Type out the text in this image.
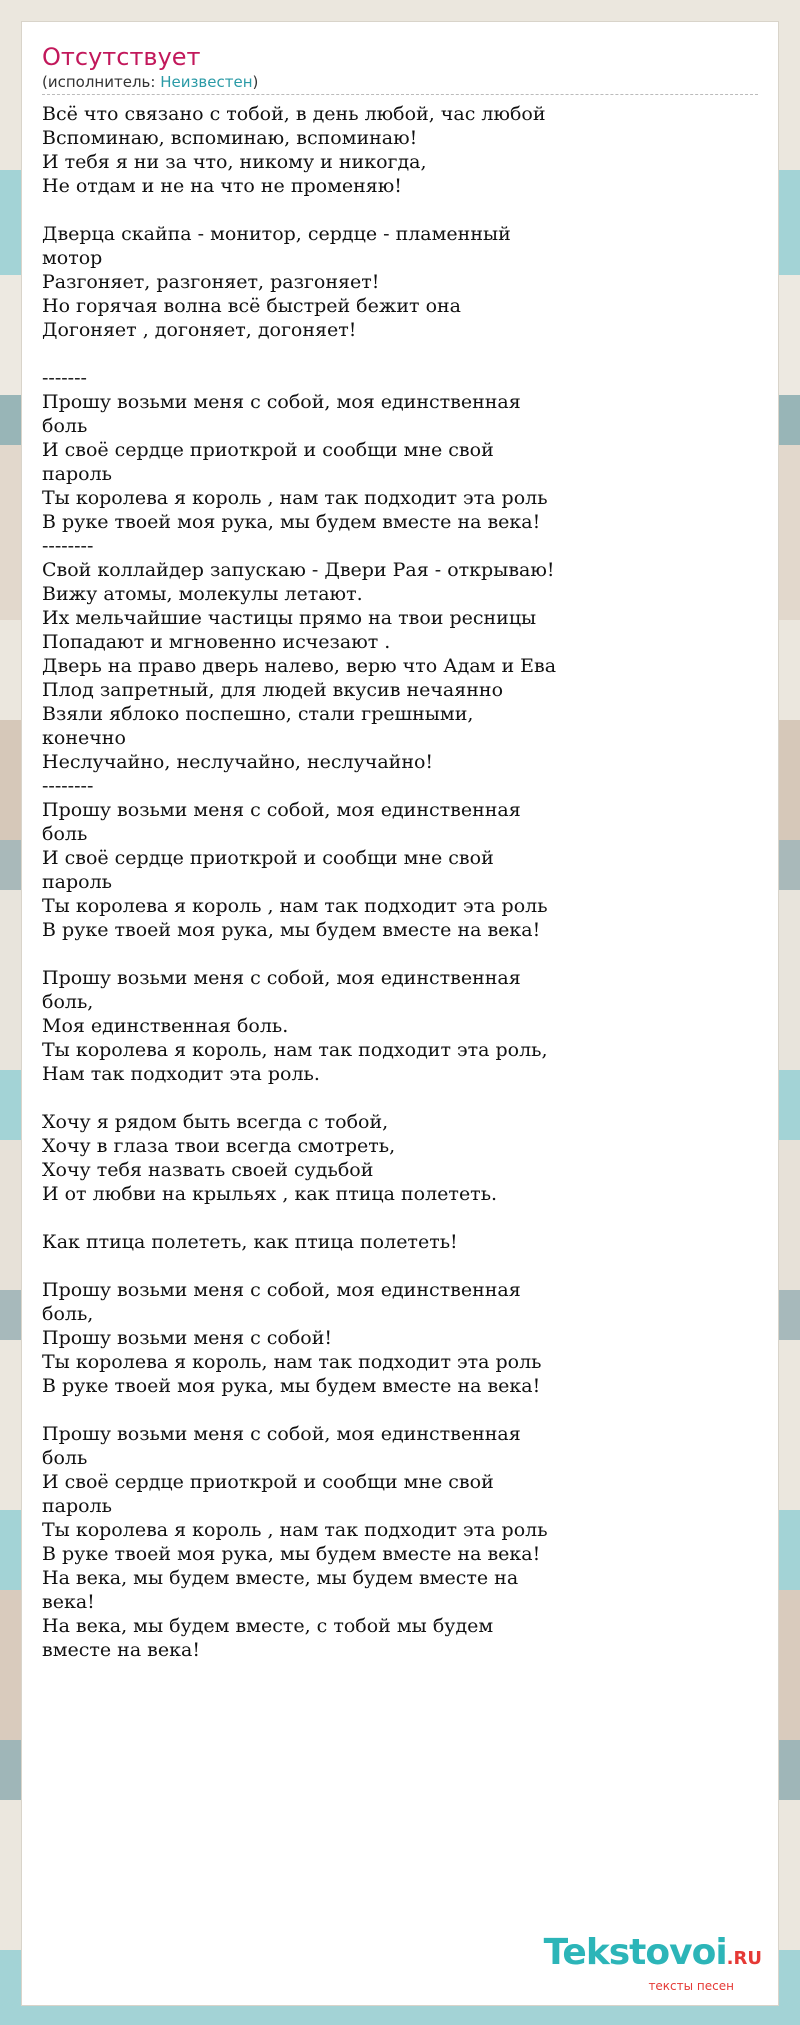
Отсутствует
(исполнитель: Неизвестен)
Всё что связано с тобой, в день любой, час любой
Вспоминаю, вспоминаю, вспоминаю!
И тебя я ни за что, никому и никогда,
Не отдам и не на что не променяю!
Дверца скайпа - монитор, сердце - пламенный мотор
Разгоняет, разгоняет, разгоняет!
Но горячая волна всё быстрей бежит она
Догоняет , догоняет, догоняет!
-------
Прошу возьми меня с собой, моя единственная боль
И своё сердце приоткрой и сообщи мне свой пароль
Ты королева я король , нам так подходит эта роль
В руке твоей моя рука, мы будем вместе на века!
--------
Свой коллайдер запускаю - Двери Рая - открываю!
Вижу атомы, молекулы летают.
Их мельчайшие частицы прямо на твои ресницы
Попадают и мгновенно исчезают .
Дверь на право дверь налево, верю что Адам и Ева
Плод запретный, для людей вкусив нечаянно
Взяли яблоко поспешно, стали грешными, конечно
Неслучайно, неслучайно, неслучайно!
--------
Прошу возьми меня с собой, моя единственная боль
И своё сердце приоткрой и сообщи мне свой пароль
Ты королева я король , нам так подходит эта роль
В руке твоей моя рука, мы будем вместе на века!
Прошу возьми меня с собой, моя единственная боль,
Моя единственная боль.
Ты королева я король, нам так подходит эта роль,
Нам так подходит эта роль.
Хочу я рядом быть всегда с тобой,
Хочу в глаза твои всегда смотреть,
Хочу тебя назвать своей судьбой
И от любви на крыльях , как птица полететь.
Как птица полететь, как птица полететь!
Прошу возьми меня с собой, моя единственная боль,
Прошу возьми меня с собой!
Ты королева я король, нам так подходит эта роль
В руке твоей моя рука, мы будем вместе на века!
Прошу возьми меня с собой, моя единственная боль
И своё сердце приоткрой и сообщи мне свой пароль
Ты королева я король , нам так подходит эта роль
В руке твоей моя рука, мы будем вместе на века!
На века, мы будем вместе, мы будем вместе на века!
На века, мы будем вместе, с тобой мы будем вместе на века!
Tekstovoi.RU
тексты песен
